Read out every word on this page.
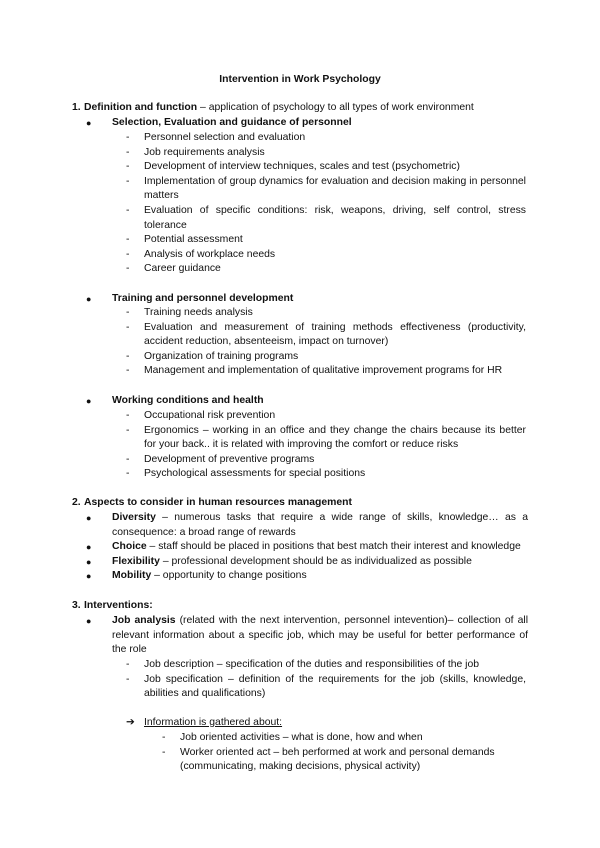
Intervention in Work Psychology
1. Definition and function – application of psychology to all types of work environment
●	Selection, Evaluation and guidance of personnel
-	Personnel selection and evaluation
-	Job requirements analysis
-	Development of interview techniques, scales and test (psychometric)
-	Implementation of group dynamics for evaluation and decision making in personnel matters
-	Evaluation of specific conditions: risk, weapons, driving, self control, stress tolerance
-	Potential assessment
-	Analysis of workplace needs
-	Career guidance
●	Training and personnel development
-	Training needs analysis
-	Evaluation and measurement of training methods effectiveness (productivity, accident reduction, absenteeism, impact on turnover)
-	Organization of training programs
-	Management and implementation of qualitative improvement programs for HR
●	Working conditions and health
-	Occupational risk prevention
-	Ergonomics – working in an office and they change the chairs because its better for your back.. it is related with improving the comfort or reduce risks
-	Development of preventive programs
-	Psychological assessments for special positions
2. Aspects to consider in human resources management
●	Diversity – numerous tasks that require a wide range of skills, knowledge… as a consequence: a broad range of rewards
●	Choice – staff should be placed in positions that best match their interest and knowledge
●	Flexibility – professional development should be as individualized as possible
●	Mobility – opportunity to change positions
3. Interventions:
●	Job analysis (related with the next intervention, personnel intevention)– collection of all relevant information about a specific job, which may be useful for better performance of the role
-	Job description – specification of the duties and responsibilities of the job
-	Job specification – definition of the requirements for the job (skills, knowledge, abilities and qualifications)
➔ Information is gathered about:
-	Job oriented activities – what is done, how and when
-	Worker oriented act – beh performed at work and personal demands (communicating, making decisions, physical activity)
